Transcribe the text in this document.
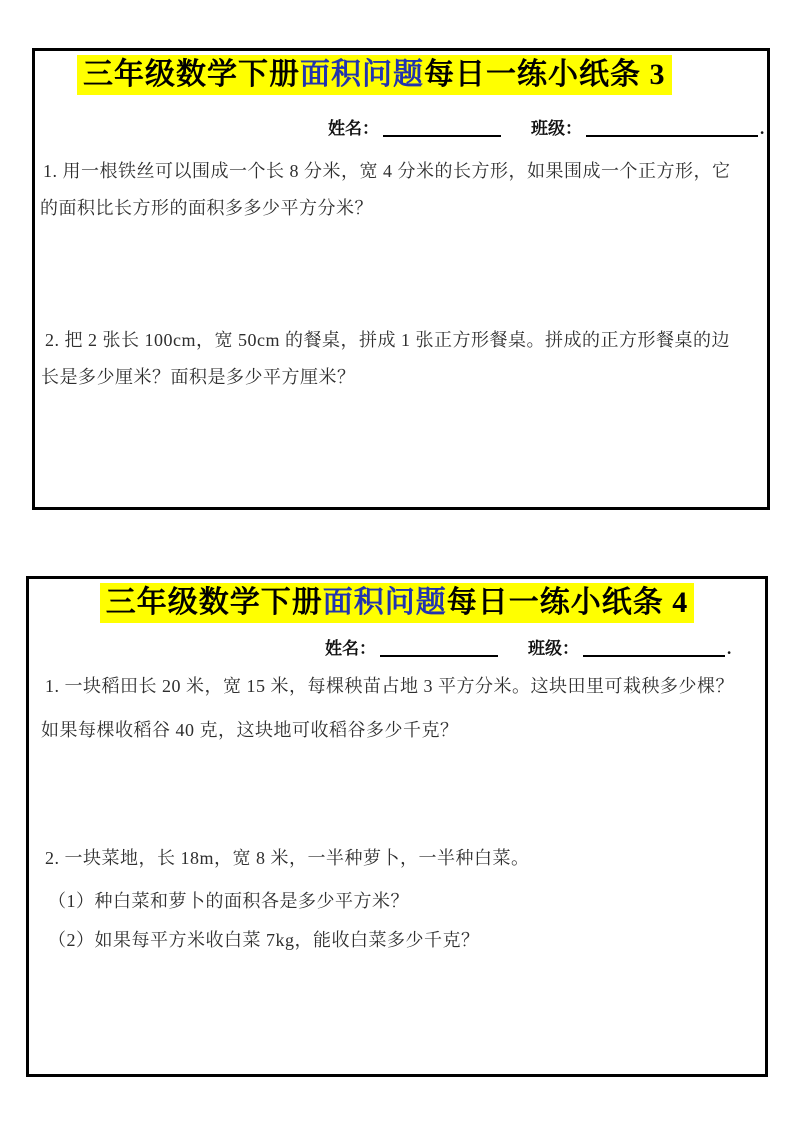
三年级数学下册面积问题每日一练小纸条 3
姓名：	班级：	.

1. 用一根铁丝可以围成一个长 8 分米，宽 4 分米的长方形，如果围成一个正方形，它

的面积比长方形的面积多多少平方分米？

2. 把 2 张长 100cm，宽 50cm 的餐桌，拼成 1 张正方形餐桌。拼成的正方形餐桌的边

长是多少厘米？面积是多少平方厘米？

三年级数学下册面积问题每日一练小纸条 4
姓名：	班级：	.

1. 一块稻田长 20 米，宽 15 米，每棵秧苗占地 3 平方分米。这块田里可栽秧多少棵？

如果每棵收稻谷 40 克，这块地可收稻谷多少千克？

2. 一块菜地，长 18m，宽 8 米，一半种萝卜，一半种白菜。

（1）种白菜和萝卜的面积各是多少平方米？

（2）如果每平方米收白菜 7kg，能收白菜多少千克？
